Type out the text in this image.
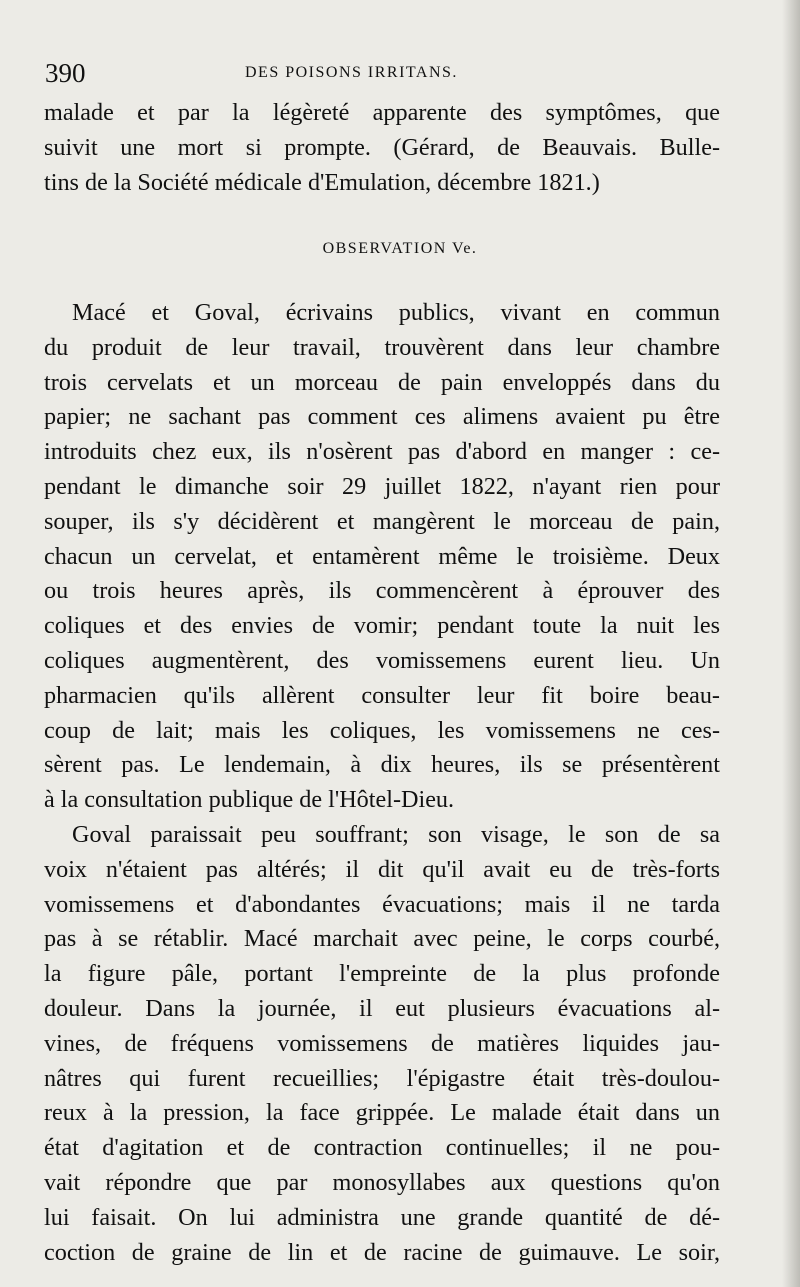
390	DES POISONS IRRITANS.
malade et par la légèreté apparente des symptômes, que
suivit une mort si prompte. (Gérard, de Beauvais. Bulle-
tins de la Société médicale d'Emulation, décembre 1821.)
OBSERVATION Ve.
Macé et Goval, écrivains publics, vivant en commun
du produit de leur travail, trouvèrent dans leur chambre
trois cervelats et un morceau de pain enveloppés dans du
papier; ne sachant pas comment ces alimens avaient pu être
introduits chez eux, ils n'osèrent pas d'abord en manger : ce-
pendant le dimanche soir 29 juillet 1822, n'ayant rien pour
souper, ils s'y décidèrent et mangèrent le morceau de pain,
chacun un cervelat, et entamèrent même le troisième. Deux
ou trois heures après, ils commencèrent à éprouver des
coliques et des envies de vomir; pendant toute la nuit les
coliques augmentèrent, des vomissemens eurent lieu. Un
pharmacien qu'ils allèrent consulter leur fit boire beau-
coup de lait; mais les coliques, les vomissemens ne ces-
sèrent pas. Le lendemain, à dix heures, ils se présentèrent
à la consultation publique de l'Hôtel-Dieu.
Goval paraissait peu souffrant; son visage, le son de sa
voix n'étaient pas altérés; il dit qu'il avait eu de très-forts
vomissemens et d'abondantes évacuations; mais il ne tarda
pas à se rétablir. Macé marchait avec peine, le corps courbé,
la figure pâle, portant l'empreinte de la plus profonde
douleur. Dans la journée, il eut plusieurs évacuations al-
vines, de fréquens vomissemens de matières liquides jau-
nâtres qui furent recueillies; l'épigastre était très-doulou-
reux à la pression, la face grippée. Le malade était dans un
état d'agitation et de contraction continuelles; il ne pou-
vait répondre que par monosyllabes aux questions qu'on
lui faisait. On lui administra une grande quantité de dé-
coction de graine de lin et de racine de guimauve. Le soir,
